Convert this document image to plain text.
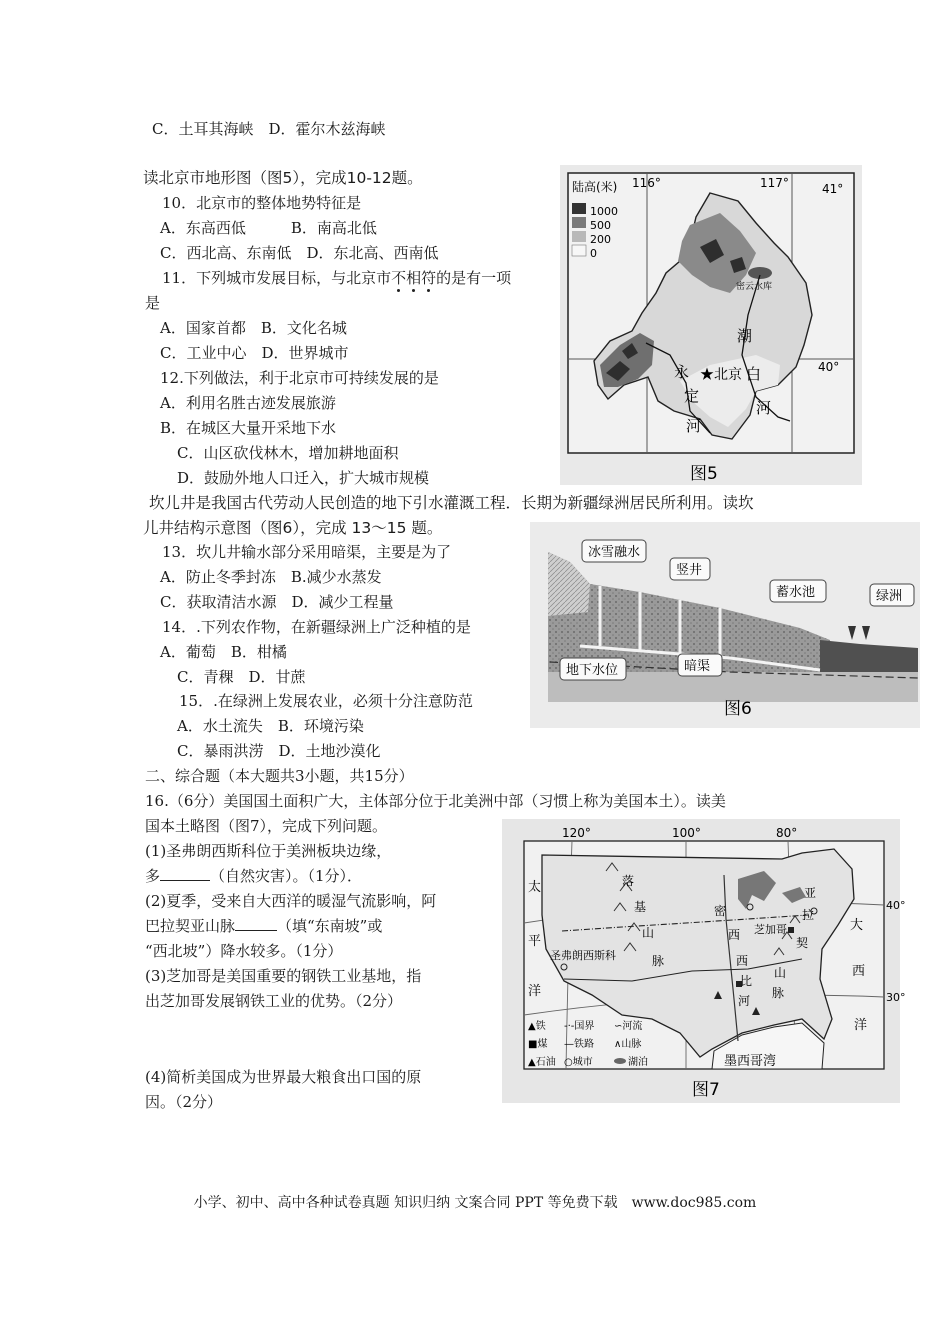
C．土耳其海峡　D．霍尔木兹海峡
读北京市地形图（图5），完成10-12题。
10．北京市的整体地势特征是
A．东高西低　　　B．南高北低
C．西北高、东南低　D．东北高、西南低
11．下列城市发展目标，与北京市不相符的是有一项
是
A．国家首都　B．文化名城
C．工业中心　D．世界城市
12.下列做法，利于北京市可持续发展的是
A．利用名胜古迹发展旅游
B．在城区大量开采地下水
C．山区砍伐林木，增加耕地面积
D．鼓励外地人口迁入，扩大城市规模
坎儿井是我国古代劳动人民创造的地下引水灌溉工程．长期为新疆绿洲居民所利用。读坎
儿井结构示意图（图6），完成 13～15 题。
13．坎儿井输水部分采用暗渠，主要是为了
A．防止冬季封冻　B.减少水蒸发
C．获取清洁水源　D．减少工程量
14．.下列农作物，在新疆绿洲上广泛种植的是
A．葡萄　B．柑橘
C．青稞　D．甘蔗
15．.在绿洲上发展农业，必须十分注意防范
A．水土流失　B．环境污染
C．暴雨洪涝　D．土地沙漠化
二、综合题（本大题共3小题，共15分）
16.（6分）美国国土面积广大，主体部分位于北美洲中部（习惯上称为美国本土）。读美
国本土略图（图7），完成下列问题。
(1)圣弗朗西斯科位于美洲板块边缘，
多	（自然灾害）。（1分）．
(2)夏季，受来自大西洋的暖湿气流影响，阿
巴拉契亚山脉	（填“东南坡”或
“西北坡”）降水较多。（1分）
(3)芝加哥是美国重要的钢铁工业基地，指
出芝加哥发展钢铁工业的优势。（2分）
(4)简析美国成为世界最大粮食出口国的原
因。（2分）
小学、初中、高中各种试卷真题 知识归纳 文案合同 PPT 等免费下载　www.doc985.com
陆高(米)
1000
500
200
0
116°	117°	41°
40°
密云水库
潮
白
河
永
定
河
★北京
图5
冰雪融水
竖井
蓄水池	绿洲
地下水位	暗渠
图6
120°	100°	80°
40°
30°
太
平
洋
大
西
洋
落
基
山
脉
密
西
西
比
河
圣弗朗西斯科
芝加哥
亚
拉
契
山
脉
墨西哥湾
▲铁 -·-国界 ∽河流
■煤 —铁路 ∧山脉
▲石油 ○城市	湖泊
图7
